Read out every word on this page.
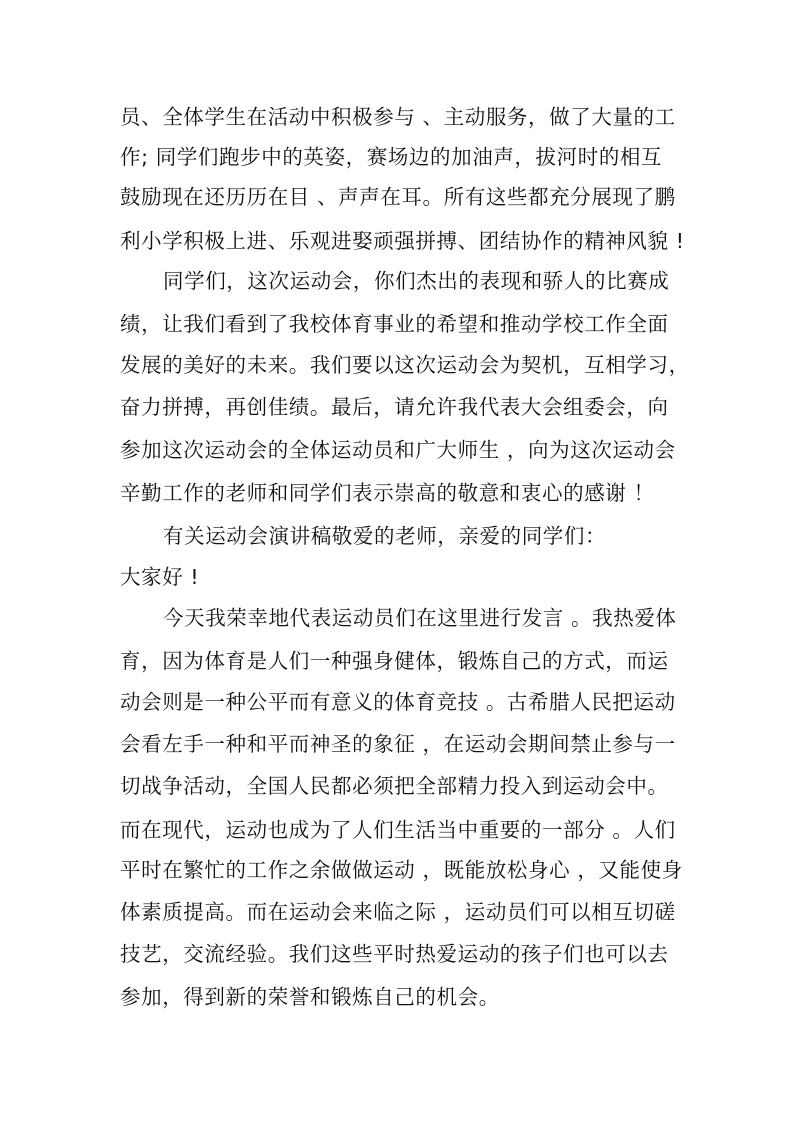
员、全体学生在活动中积极参与 、主动服务，做了大量的工
作; 同学们跑步中的英姿，赛场边的加油声，拔河时的相互
鼓励现在还历历在目 、声声在耳。所有这些都充分展现了鹏
利小学积极上进、乐观进娶顽强拼搏、团结协作的精神风貌 !
同学们，这次运动会，你们杰出的表现和骄人的比赛成
绩，让我们看到了我校体育事业的希望和推动学校工作全面
发展的美好的未来。我们要以这次运动会为契机，互相学习，
奋力拼搏，再创佳绩。最后，请允许我代表大会组委会，向
参加这次运动会的全体运动员和广大师生 ，向为这次运动会
辛勤工作的老师和同学们表示崇高的敬意和衷心的感谢 ！
有关运动会演讲稿敬爱的老师，亲爱的同学们：
大家好 !
今天我荣幸地代表运动员们在这里进行发言 。我热爱体
育，因为体育是人们一种强身健体，锻炼自己的方式，而运
动会则是一种公平而有意义的体育竞技 。古希腊人民把运动
会看左手一种和平而神圣的象征 ，在运动会期间禁止参与一
切战争活动，全国人民都必须把全部精力投入到运动会中。
而在现代，运动也成为了人们生活当中重要的一部分 。人们
平时在繁忙的工作之余做做运动 ，既能放松身心 ，又能使身
体素质提高。而在运动会来临之际 ，运动员们可以相互切磋
技艺，交流经验。我们这些平时热爱运动的孩子们也可以去
参加，得到新的荣誉和锻炼自己的机会。
